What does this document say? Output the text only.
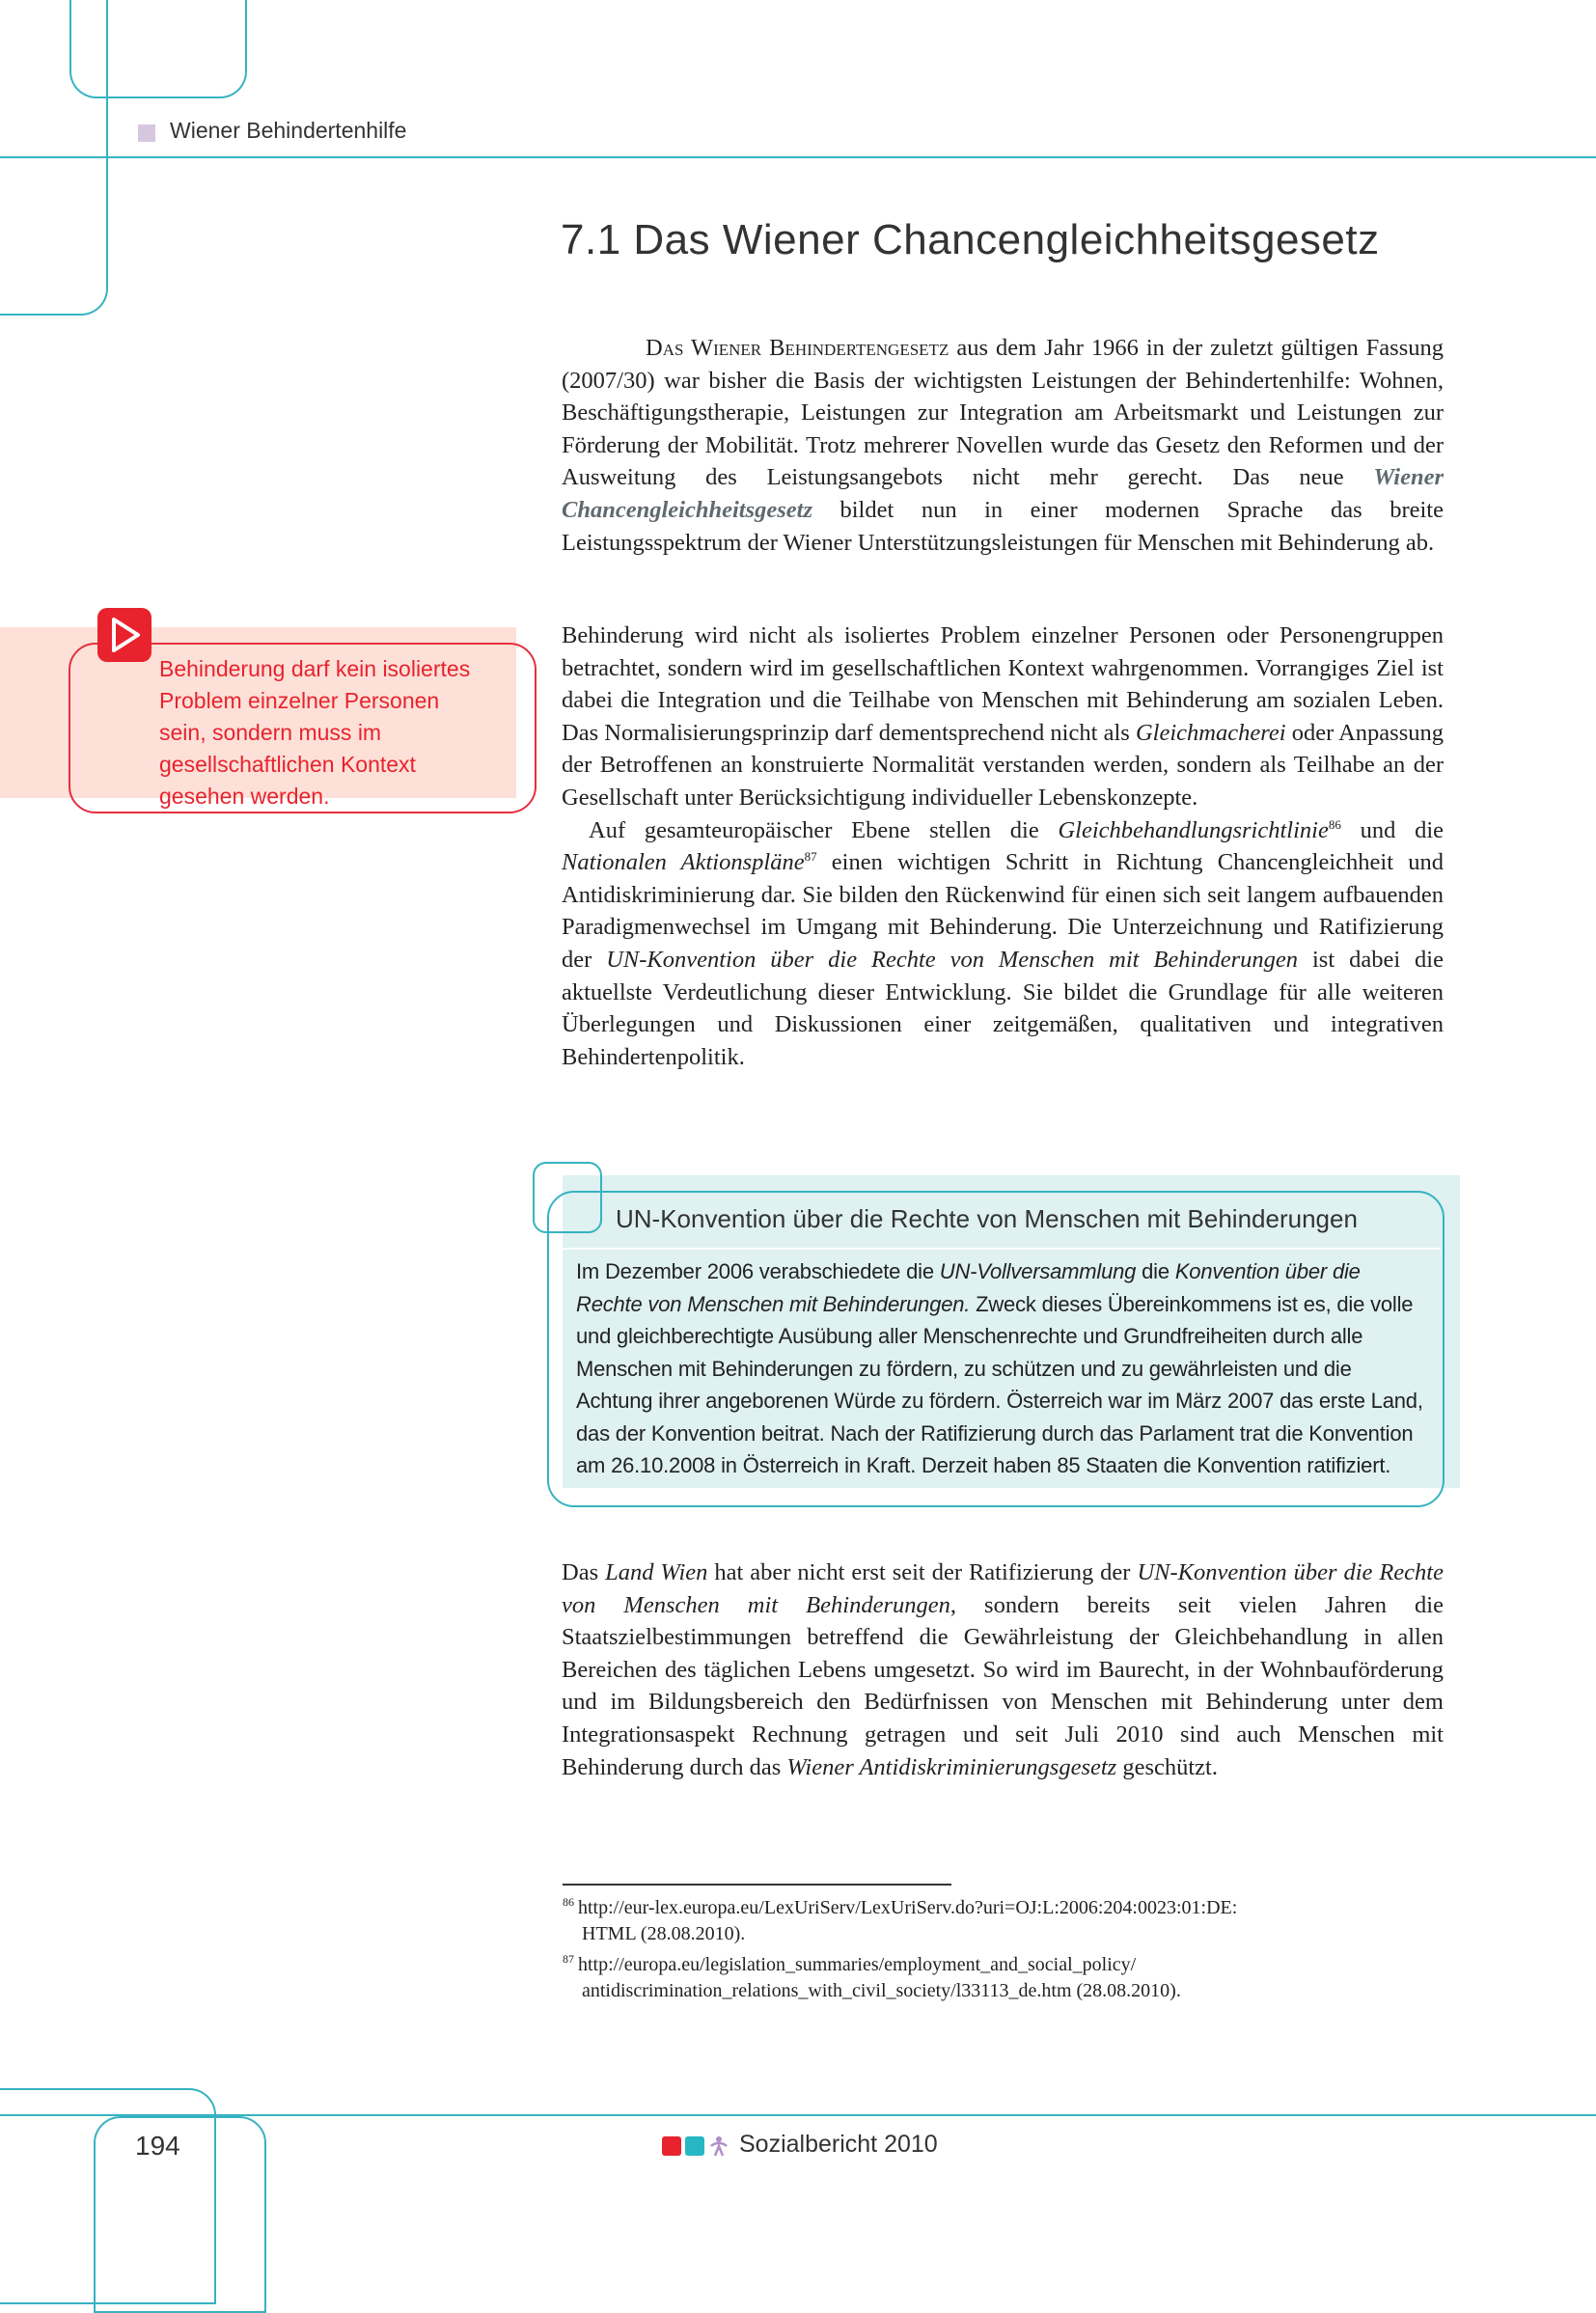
Wiener Behindertenhilfe
7.1 Das Wiener Chancengleichheitsgesetz

Das Wiener Behindertengesetz aus dem Jahr 1966 in der zuletzt gültigen Fassung (2007/30) war bisher die Basis der wichtigsten Leistungen der Behindertenhilfe: Wohnen, Beschäftigungstherapie, Leistungen zur Integration am Arbeitsmarkt und Leistungen zur Förderung der Mobilität. Trotz mehrerer Novellen wurde das Gesetz den Reformen und der Ausweitung des Leistungsangebots nicht mehr gerecht. Das neue Wiener Chancengleichheitsgesetz bildet nun in einer modernen Sprache das breite Leistungsspektrum der Wiener Unterstützungsleistungen für Menschen mit Behinderung ab.

Behinderung darf kein isoliertes Problem einzelner Personen sein, sondern muss im gesellschaftlichen Kontext gesehen werden.

Behinderung wird nicht als isoliertes Problem einzelner Personen oder Personengruppen betrachtet, sondern wird im gesellschaftlichen Kontext wahrgenommen. Vorrangiges Ziel ist dabei die Integration und die Teilhabe von Menschen mit Behinderung am sozialen Leben. Das Normalisierungsprinzip darf dementsprechend nicht als Gleichmacherei oder Anpassung der Betroffenen an konstruierte Normalität verstanden werden, sondern als Teilhabe an der Gesellschaft unter Berücksichtigung individueller Lebenskonzepte.

Auf gesamteuropäischer Ebene stellen die Gleichbehandlungsrichtlinie$^{86}$ und die Nationalen Aktionspläne$^{87}$ einen wichtigen Schritt in Richtung Chancengleichheit und Antidiskriminierung dar. Sie bilden den Rückenwind für einen sich seit langem aufbauenden Paradigmenwechsel im Umgang mit Behinderung. Die Unterzeichnung und Ratifizierung der UN-Konvention über die Rechte von Menschen mit Behinderungen ist dabei die aktuellste Verdeutlichung dieser Entwicklung. Sie bildet die Grundlage für alle weiteren Überlegungen und Diskussionen einer zeitgemäßen, qualitativen und integrativen Behindertenpolitik.

UN-Konvention über die Rechte von Menschen mit Behinderungen
Im Dezember 2006 verabschiedete die UN-Vollversammlung die Konvention über die Rechte von Menschen mit Behinderungen. Zweck dieses Übereinkommens ist es, die volle und gleichberechtigte Ausübung aller Menschenrechte und Grundfreiheiten durch alle Menschen mit Behinderungen zu fördern, zu schützen und zu gewährleisten und die Achtung ihrer angeborenen Würde zu fördern. Österreich war im März 2007 das erste Land, das der Konvention beitrat. Nach der Ratifizierung durch das Parlament trat die Konvention am 26.10.2008 in Österreich in Kraft. Derzeit haben 85 Staaten die Konvention ratifiziert.

Das Land Wien hat aber nicht erst seit der Ratifizierung der UN-Konvention über die Rechte von Menschen mit Behinderungen, sondern bereits seit vielen Jahren die Staatszielbestimmungen betreffend die Gewährleistung der Gleichbehandlung in allen Bereichen des täglichen Lebens umgesetzt. So wird im Baurecht, in der Wohnbauförderung und im Bildungsbereich den Bedürfnissen von Menschen mit Behinderung unter dem Integrationsaspekt Rechnung getragen und seit Juli 2010 sind auch Menschen mit Behinderung durch das Wiener Antidiskriminierungsgesetz geschützt.

$^{86}$ http://eur-lex.europa.eu/LexUriServ/LexUriServ.do?uri=OJ:L:2006:204:0023:01:DE:
HTML (28.08.2010).
$^{87}$ http://europa.eu/legislation_summaries/employment_and_social_policy/
antidiscrimination_relations_with_civil_society/l33113_de.htm (28.08.2010).
194	Sozialbericht 2010
